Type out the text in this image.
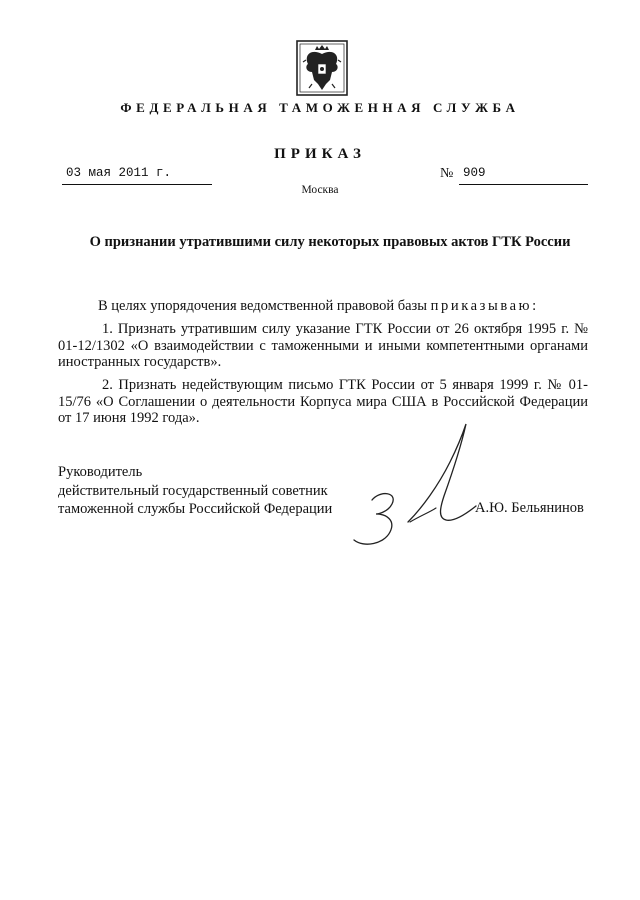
ФЕДЕРАЛЬНАЯ ТАМОЖЕННАЯ СЛУЖБА
ПРИКАЗ
03 мая 2011 г.	№ 909
Москва
О признании утратившими силу некоторых правовых актов ГТК России
В целях упорядочения ведомственной правовой базы приказываю:
1. Признать утратившим силу указание ГТК России от 26 октября 1995 г. № 01-12/1302 «О взаимодействии с таможенными и иными компетентными органами иностранных государств».
2. Признать недействующим письмо ГТК России от 5 января 1999 г. № 01-15/76 «О Соглашении о деятельности Корпуса мира США в Российской Федерации от 17 июня 1992 года».
Руководитель
действительный государственный советник
таможенной службы Российской Федерации	А.Ю. Бельянинов
